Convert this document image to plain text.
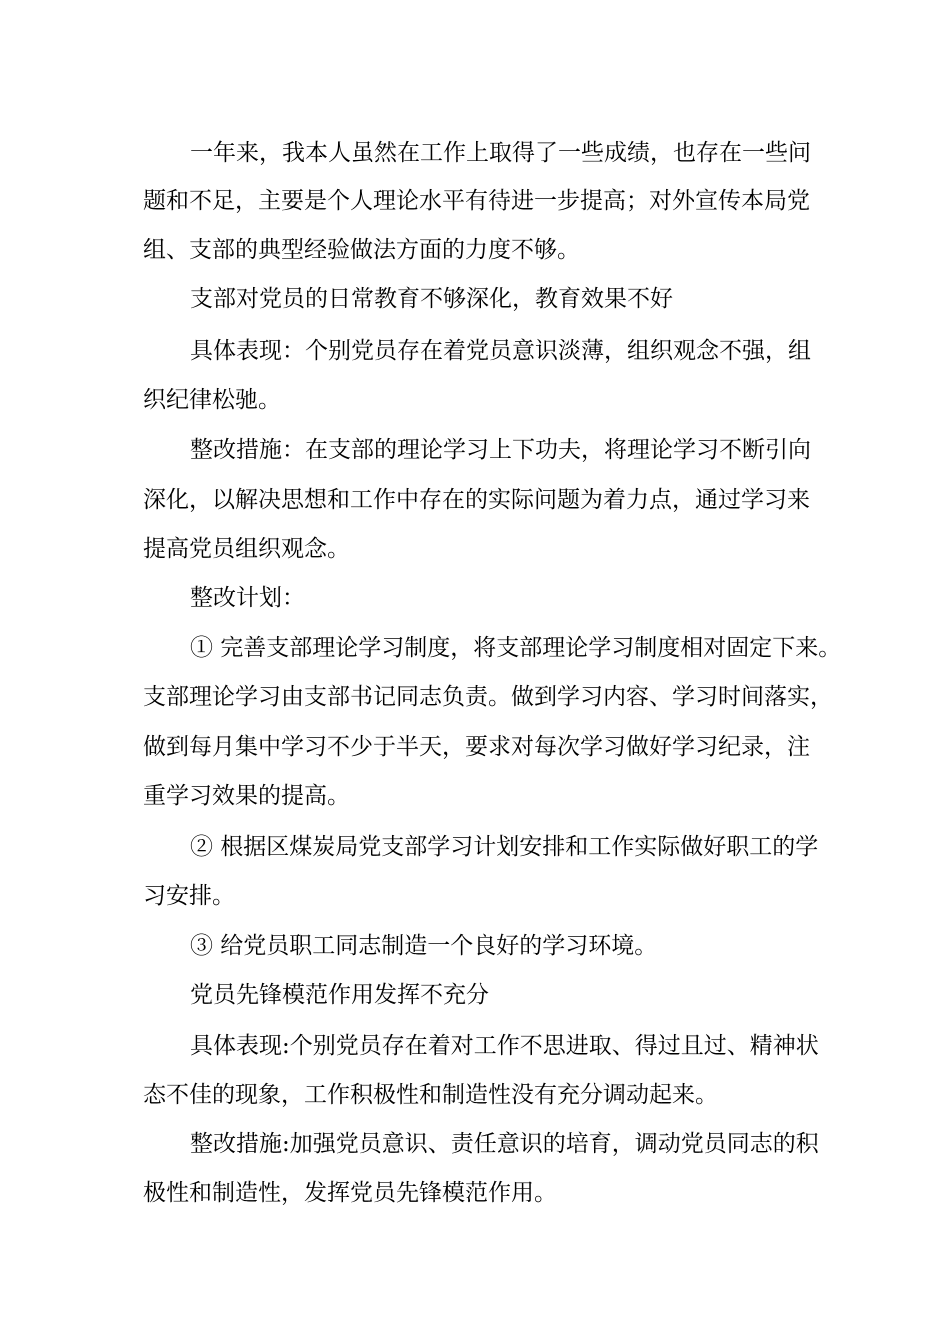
一年来，我本人虽然在工作上取得了一些成绩，也存在一些问
题和不足，主要是个人理论水平有待进一步提高；对外宣传本局党
组、支部的典型经验做法方面的力度不够。
支部对党员的日常教育不够深化，教育效果不好
具体表现：个别党员存在着党员意识淡薄，组织观念不强，组
织纪律松驰。
整改措施：在支部的理论学习上下功夫，将理论学习不断引向
深化，以解决思想和工作中存在的实际问题为着力点，通过学习来
提高党员组织观念。
整改计划：
① 完善支部理论学习制度，将支部理论学习制度相对固定下来。
支部理论学习由支部书记同志负责。做到学习内容、学习时间落实，
做到每月集中学习不少于半天，要求对每次学习做好学习纪录，注
重学习效果的提高。
② 根据区煤炭局党支部学习计划安排和工作实际做好职工的学
习安排。
③ 给党员职工同志制造一个良好的学习环境。
党员先锋模范作用发挥不充分
具体表现:个别党员存在着对工作不思进取、得过且过、精神状
态不佳的现象，工作积极性和制造性没有充分调动起来。
整改措施:加强党员意识、责任意识的培育，调动党员同志的积
极性和制造性，发挥党员先锋模范作用。
